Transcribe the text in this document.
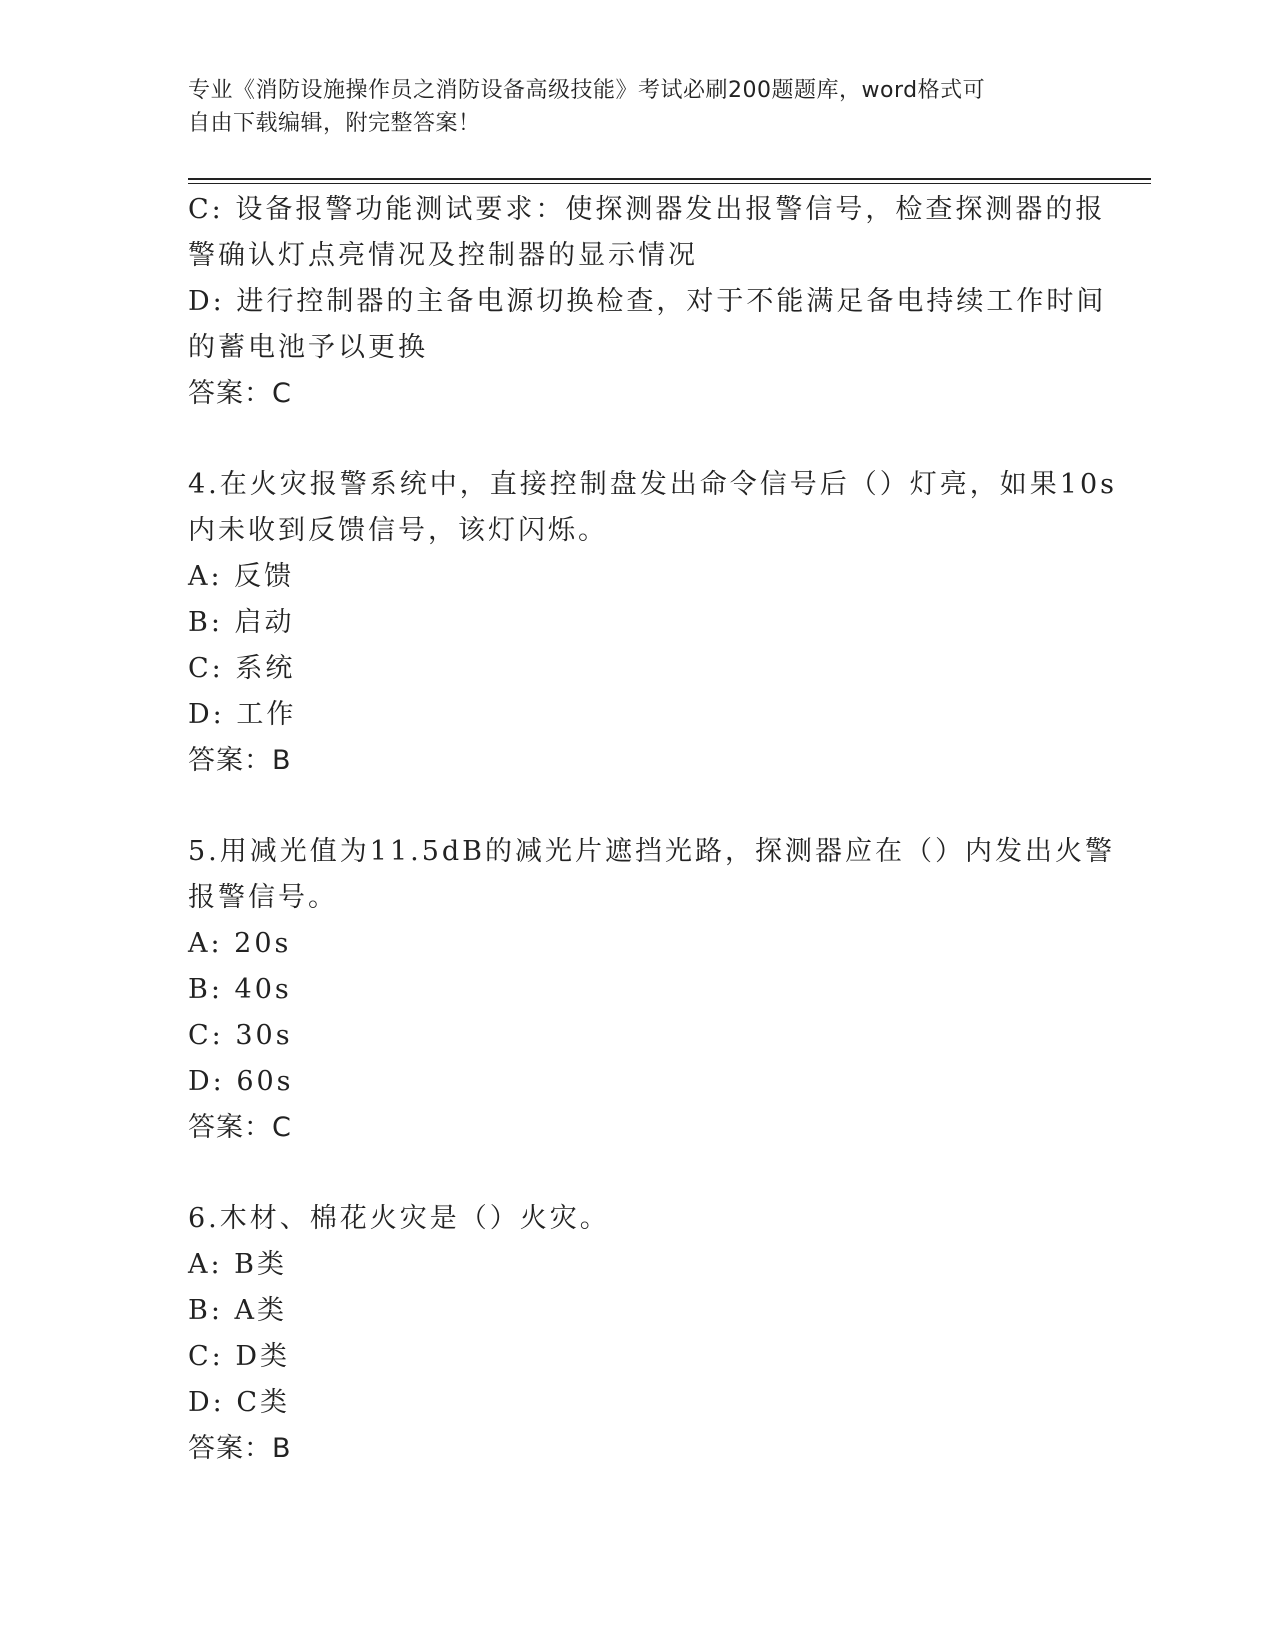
专业《消防设施操作员之消防设备高级技能》考试必刷200题题库，word格式可
自由下载编辑，附完整答案！
C: 设备报警功能测试要求：使探测器发出报警信号，检查探测器的报
警确认灯点亮情况及控制器的显示情况
D: 进行控制器的主备电源切换检查，对于不能满足备电持续工作时间
的蓄电池予以更换
答案：C
4.在火灾报警系统中，直接控制盘发出命令信号后（）灯亮，如果10s
内未收到反馈信号，该灯闪烁。
A: 反馈
B: 启动
C: 系统
D: 工作
答案：B
5.用减光值为11.5dB的减光片遮挡光路，探测器应在（）内发出火警
报警信号。
A: 20s
B: 40s
C: 30s
D: 60s
答案：C
6.木材、棉花火灾是（）火灾。
A: B类
B: A类
C: D类
D: C类
答案：B
